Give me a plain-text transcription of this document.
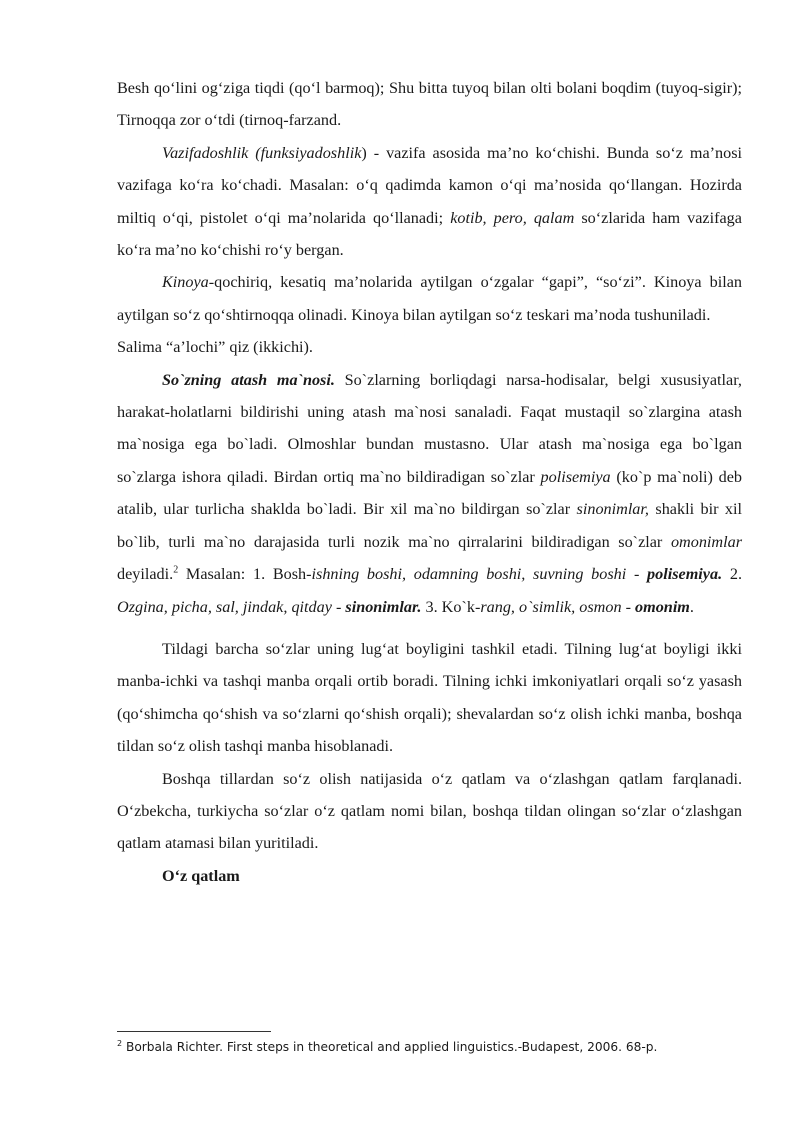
Besh qo‘lini og‘ziga tiqdi (qo‘l barmoq); Shu bitta tuyoq bilan olti bolani boqdim (tuyoq-sigir); Tirnoqqa zor o‘tdi (tirnoq-farzand.

Vazifadoshlik (funksiyadoshlik) - vazifa asosida ma’no ko‘chishi. Bunda so‘z ma’nosi vazifaga ko‘ra ko‘chadi. Masalan: o‘q qadimda kamon o‘qi ma’nosida qo‘llangan. Hozirda miltiq o‘qi, pistolet o‘qi ma’nolarida qo‘llanadi; kotib, pero, qalam so‘zlarida ham vazifaga ko‘ra ma’no ko‘chishi ro‘y bergan.

Kinoya-qochiriq, kesatiq ma’nolarida aytilgan o‘zgalar “gapi”, “so‘zi”. Kinoya bilan aytilgan so‘z qo‘shtirnoqqa olinadi. Kinoya bilan aytilgan so‘z teskari ma’noda tushuniladi.

Salima “a’lochi” qiz (ikkichi).

So`zning atash ma`nosi. So`zlarning borliqdagi narsa-hodisalar, belgi xususiyatlar, harakat-holatlarni bildirishi uning atash ma`nosi sanaladi. Faqat mustaqil so`zlargina atash ma`nosiga ega bo`ladi. Olmoshlar bundan mustasno. Ular atash ma`nosiga ega bo`lgan so`zlarga ishora qiladi. Birdan ortiq ma`no bildiradigan so`zlar polisemiya (ko`p ma`noli) deb atalib, ular turlicha shaklda bo`ladi. Bir xil ma`no bildirgan so`zlar sinonimlar, shakli bir xil bo`lib, turli ma`no darajasida turli nozik ma`no qirralarini bildiradigan so`zlar omonimlar deyiladi.$^2$ Masalan: 1. Bosh-ishning boshi, odamning boshi, suvning boshi - polisemiya. 2. Ozgina, picha, sal, jindak, qitday - sinonimlar. 3. Ko`k-rang, o`simlik, osmon - omonim.

Tildagi barcha so‘zlar uning lug‘at boyligini tashkil etadi. Tilning lug‘at boyligi ikki manba-ichki va tashqi manba orqali ortib boradi. Tilning ichki imkoniyatlari orqali so‘z yasash (qo‘shimcha qo‘shish va so‘zlarni qo‘shish orqali); shevalardan so‘z olish ichki manba, boshqa tildan so‘z olish tashqi manba hisoblanadi.

Boshqa tillardan so‘z olish natijasida o‘z qatlam va o‘zlashgan qatlam farqlanadi. O‘zbekcha, turkiycha so‘zlar o‘z qatlam nomi bilan, boshqa tildan olingan so‘zlar o‘zlashgan qatlam atamasi bilan yuritiladi.

O‘z qatlam
$^2$ Borbala Richter. First steps in theoretical and applied linguistics.-Budapest, 2006. 68-p.
